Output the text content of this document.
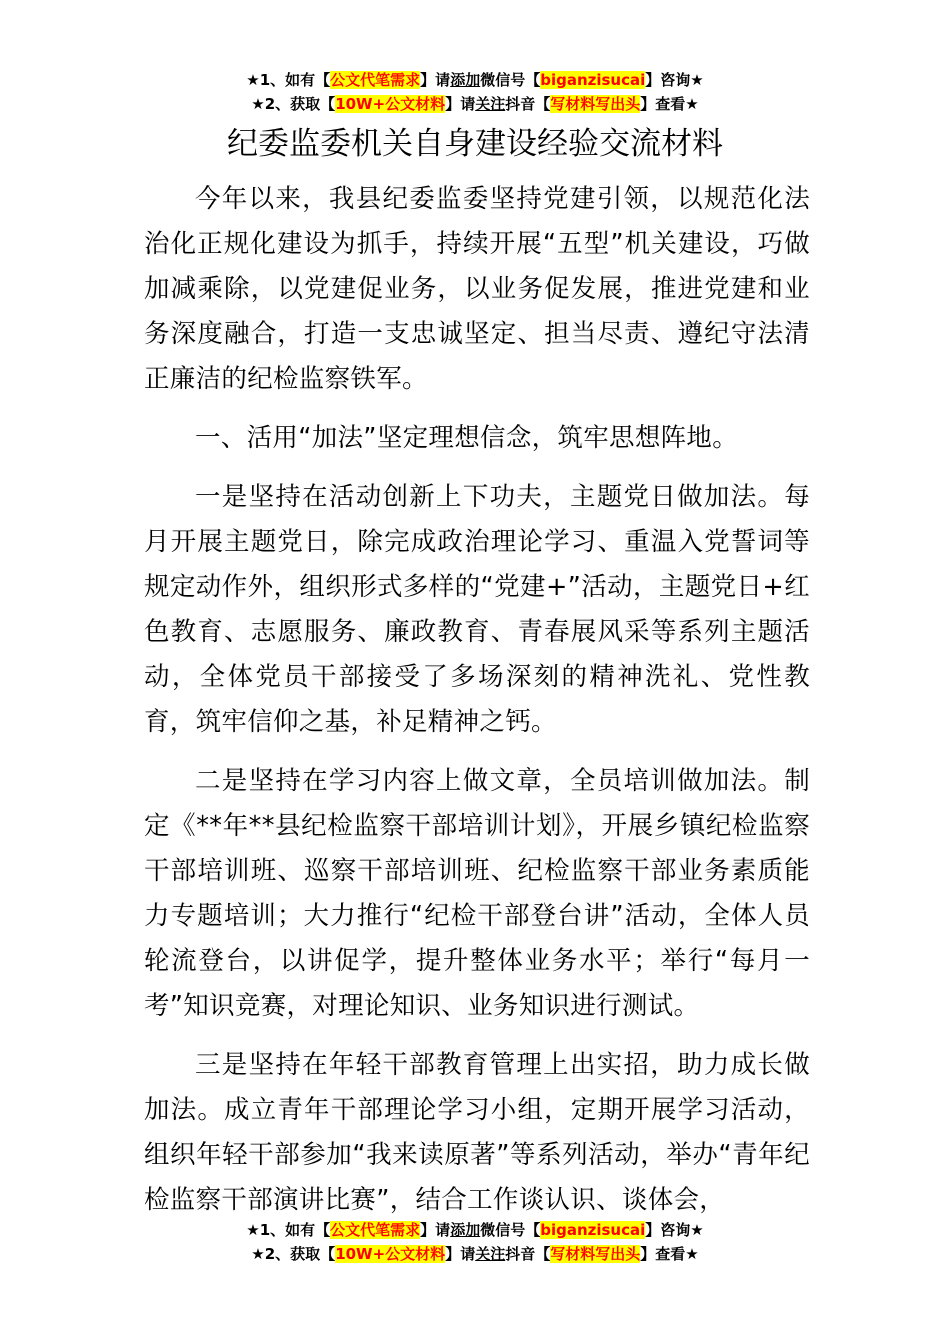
★1、如有【公文代笔需求】请添加微信号【biganzisucai】咨询★
★2、获取【10W+公文材料】请关注抖音【写材料写出头】查看★
纪委监委机关自身建设经验交流材料

今年以来，我县纪委监委坚持党建引领，以规范化法治化正规化建设为抓手，持续开展“五型”机关建设，巧做加减乘除，以党建促业务，以业务促发展，推进党建和业务深度融合，打造一支忠诚坚定、担当尽责、遵纪守法清正廉洁的纪检监察铁军。

一、活用“加法”坚定理想信念，筑牢思想阵地。

一是坚持在活动创新上下功夫，主题党日做加法。每月开展主题党日，除完成政治理论学习、重温入党誓词等规定动作外，组织形式多样的“党建+”活动，主题党日+红色教育、志愿服务、廉政教育、青春展风采等系列主题活动，全体党员干部接受了多场深刻的精神洗礼、党性教育，筑牢信仰之基，补足精神之钙。

二是坚持在学习内容上做文章，全员培训做加法。制定《**年**县纪检监察干部培训计划》，开展乡镇纪检监察干部培训班、巡察干部培训班、纪检监察干部业务素质能力专题培训；大力推行“纪检干部登台讲”活动，全体人员轮流登台，以讲促学，提升整体业务水平；举行“每月一考”知识竞赛，对理论知识、业务知识进行测试。

三是坚持在年轻干部教育管理上出实招，助力成长做加法。成立青年干部理论学习小组，定期开展学习活动，组织年轻干部参加“我来读原著”等系列活动，举办“青年纪检监察干部演讲比赛”，结合工作谈认识、谈体会，

★1、如有【公文代笔需求】请添加微信号【biganzisucai】咨询★
★2、获取【10W+公文材料】请关注抖音【写材料写出头】查看★
